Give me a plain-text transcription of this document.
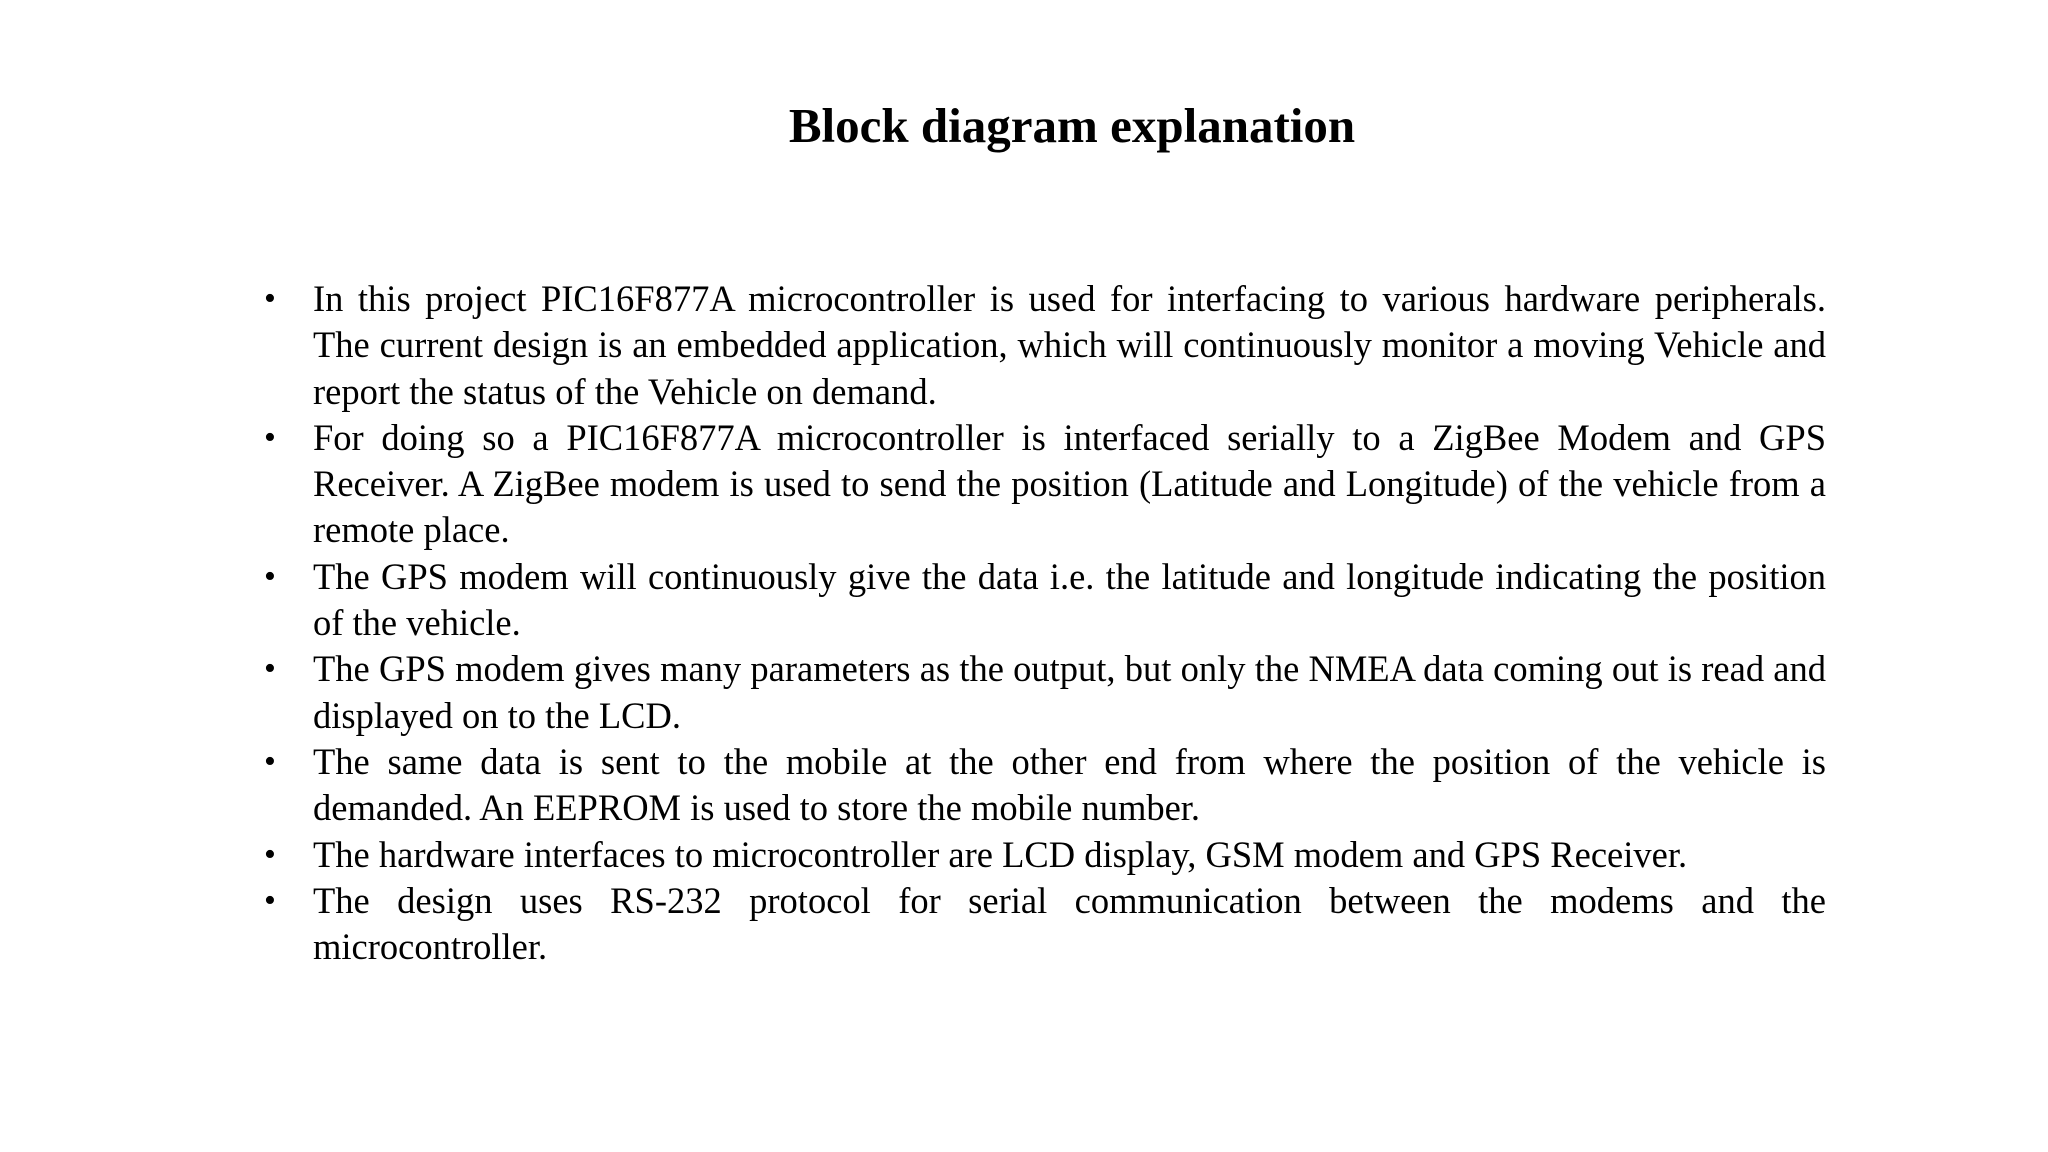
Block diagram explanation
• In this project PIC16F877A microcontroller is used for interfacing to various hardware peripherals. The current design is an embedded application, which will continuously monitor a moving Vehicle and report the status of the Vehicle on demand.
• For doing so a PIC16F877A microcontroller is interfaced serially to a ZigBee Modem and GPS Receiver. A ZigBee modem is used to send the position (Latitude and Longitude) of the vehicle from a remote place.
• The GPS modem will continuously give the data i.e. the latitude and longitude indicating the position of the vehicle.
• The GPS modem gives many parameters as the output, but only the NMEA data coming out is read and displayed on to the LCD.
• The same data is sent to the mobile at the other end from where the position of the vehicle is demanded. An EEPROM is used to store the mobile number.
• The hardware interfaces to microcontroller are LCD display, GSM modem and GPS Receiver.
• The design uses RS-232 protocol for serial communication between the modems and the microcontroller.
